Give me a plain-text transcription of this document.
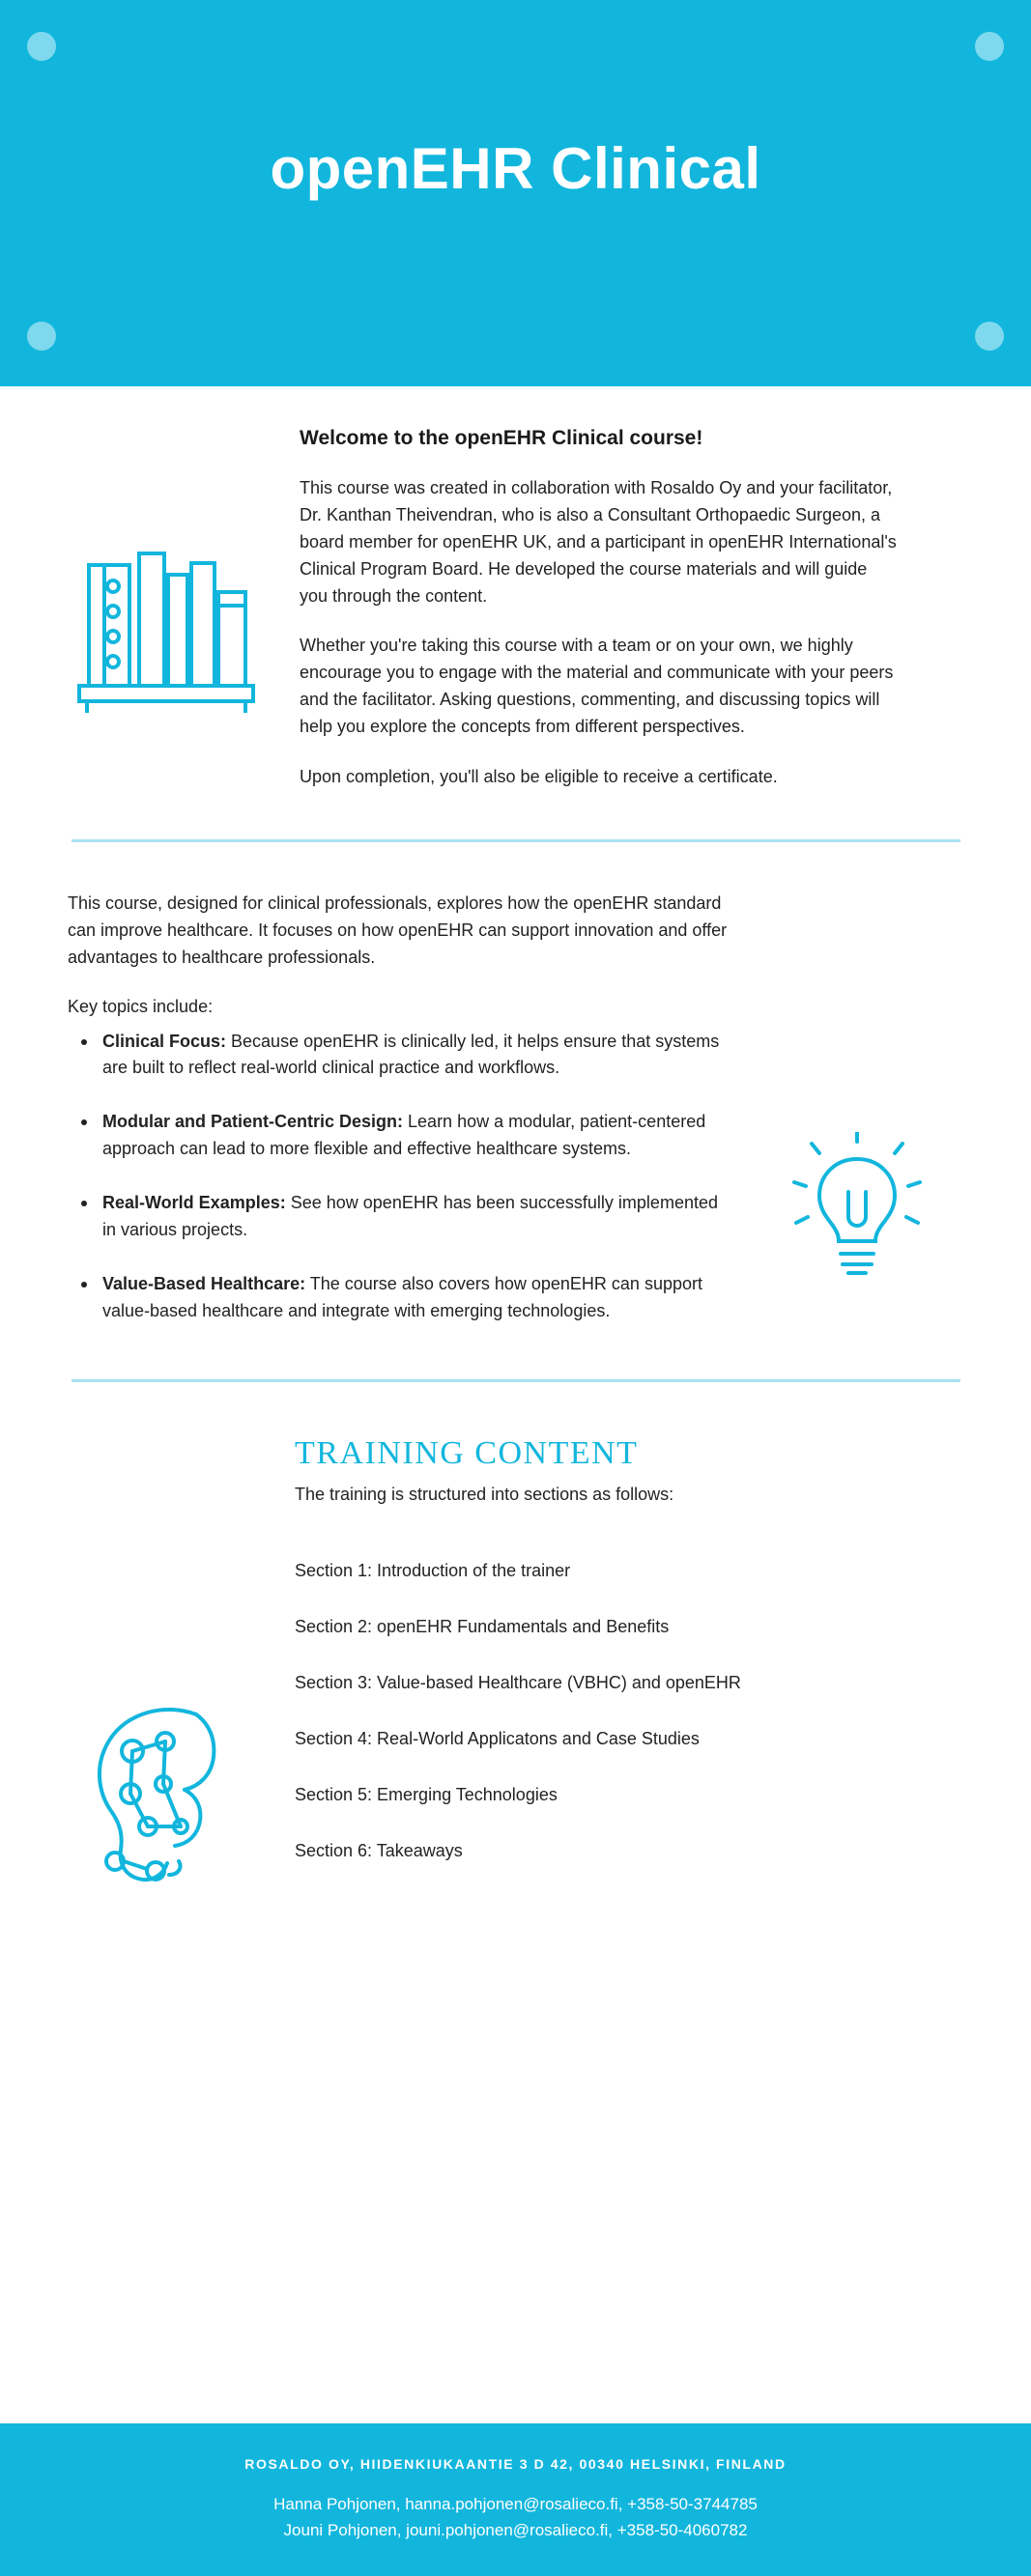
openEHR Clinical
Welcome to the openEHR Clinical course!

This course was created in collaboration with Rosaldo Oy and your facilitator, Dr. Kanthan Theivendran, who is also a Consultant Orthopaedic Surgeon, a board member for openEHR UK, and a participant in openEHR International's Clinical Program Board. He developed the course materials and will guide you through the content.

Whether you're taking this course with a team or on your own, we highly encourage you to engage with the material and communicate with your peers and the facilitator. Asking questions, commenting, and discussing topics will help you explore the concepts from different perspectives.

Upon completion, you'll also be eligible to receive a certificate.

This course, designed for clinical professionals, explores how the openEHR standard can improve healthcare. It focuses on how openEHR can support innovation and offer advantages to healthcare professionals.
Key topics include:
Clinical Focus: Because openEHR is clinically led, it helps ensure that systems are built to reflect real-world clinical practice and workflows.
Modular and Patient-Centric Design: Learn how a modular, patient-centered approach can lead to more flexible and effective healthcare systems.
Real-World Examples: See how openEHR has been successfully implemented in various projects.
Value-Based Healthcare: The course also covers how openEHR can support value-based healthcare and integrate with emerging technologies.
TRAINING CONTENT
The training is structured into sections as follows:
Section 1: Introduction of the trainer
Section 2: openEHR Fundamentals and Benefits
Section 3: Value-based Healthcare (VBHC) and openEHR
Section 4: Real-World Applicatons and Case Studies
Section 5: Emerging Technologies
Section 6: Takeaways
ROSALDO OY, HIIDENKIUKAANTIE 3 D 42, 00340 HELSINKI, FINLAND
Hanna Pohjonen, hanna.pohjonen@rosalieco.fi, +358-50-3744785
Jouni Pohjonen, jouni.pohjonen@rosalieco.fi, +358-50-4060782
